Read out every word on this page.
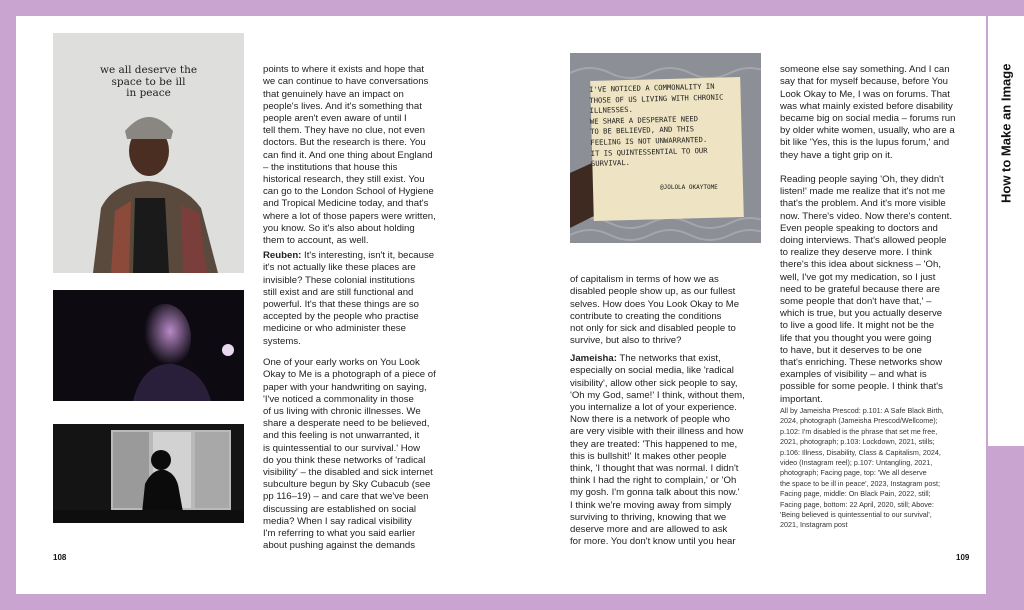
How to Make an Image
we all deserve the
space to be ill
in peace

points to where it exists and hope that
we can continue to have conversations
that genuinely have an impact on
people's lives. And it's something that
people aren't even aware of until I
tell them. They have no clue, not even
doctors. But the research is there. You
can find it. And one thing about England
– the institutions that house this
historical research, they still exist. You
can go to the London School of Hygiene
and Tropical Medicine today, and that's
where a lot of those papers were written,
you know. So it's also about holding
them to account, as well.

Reuben: It's interesting, isn't it, because
it's not actually like these places are
invisible? These colonial institutions
still exist and are still functional and
powerful. It's that these things are so
accepted by the people who practise
medicine or who administer these
systems.

One of your early works on You Look
Okay to Me is a photograph of a piece of
paper with your handwriting on saying,
'I've noticed a commonality in those
of us living with chronic illnesses. We
share a desperate need to be believed,
and this feeling is not unwarranted, it
is quintessential to our survival.' How
do you think these networks of 'radical
visibility' – the disabled and sick internet
subculture begun by Sky Cubacub (see
pp 116–19) – and care that we've been
discussing are established on social
media? When I say radical visibility
I'm referring to what you said earlier
about pushing against the demands

108
I'VE NOTICED A COMMONALITY IN
THOSE OF US LIVING WITH CHRONIC
ILLNESSES.
WE SHARE A DESPERATE NEED
TO BE BELIEVED, AND THIS
FEELING IS NOT UNWARRANTED.
IT IS QUINTESSENTIAL TO OUR
SURVIVAL.
@JOLOLA OKAYTOME

of capitalism in terms of how we as
disabled people show up, as our fullest
selves. How does You Look Okay to Me
contribute to creating the conditions
not only for sick and disabled people to
survive, but also to thrive?

Jameisha: The networks that exist,
especially on social media, like 'radical
visibility', allow other sick people to say,
'Oh my God, same!' I think, without them,
you internalize a lot of your experience.
Now there is a network of people who
are very visible with their illness and how
they are treated: 'This happened to me,
this is bullshit!' It makes other people
think, 'I thought that was normal. I didn't
think I had the right to complain,' or 'Oh
my gosh. I'm gonna talk about this now.'
I think we're moving away from simply
surviving to thriving, knowing that we
deserve more and are allowed to ask
for more. You don't know until you hear

someone else say something. And I can
say that for myself because, before You
Look Okay to Me, I was on forums. That
was what mainly existed before disability
became big on social media – forums run
by older white women, usually, who are a
bit like 'Yes, this is the lupus forum,' and
they have a tight grip on it.

Reading people saying 'Oh, they didn't
listen!' made me realize that it's not me
that's the problem. And it's more visible
now. There's video. Now there's content.
Even people speaking to doctors and
doing interviews. That's allowed people
to realize they deserve more. I think
there's this idea about sickness – 'Oh,
well, I've got my medication, so I just
need to be grateful because there are
some people that don't have that,' –
which is true, but you actually deserve
to live a good life. It might not be the
life that you thought you were going
to have, but it deserves to be one
that's enriching. These networks show
examples of visibility – and what is
possible for some people. I think that's
important.

All by Jameisha Prescod: p.101: A Safe Black Birth,
2024, photograph (Jameisha Prescod/Wellcome);
p.102: I'm disabled is the phrase that set me free,
2021, photograph; p.103: Lockdown, 2021, stills;
p.106: Illness, Disability, Class & Capitalism, 2024,
video (Instagram reel); p.107: Untangling, 2021,
photograph; Facing page, top: 'We all deserve
the space to be ill in peace', 2023, Instagram post;
Facing page, middle: On Black Pain, 2022, still;
Facing page, bottom: 22 April, 2020, still; Above:
'Being believed is quintessential to our survival',
2021, Instagram post
109
